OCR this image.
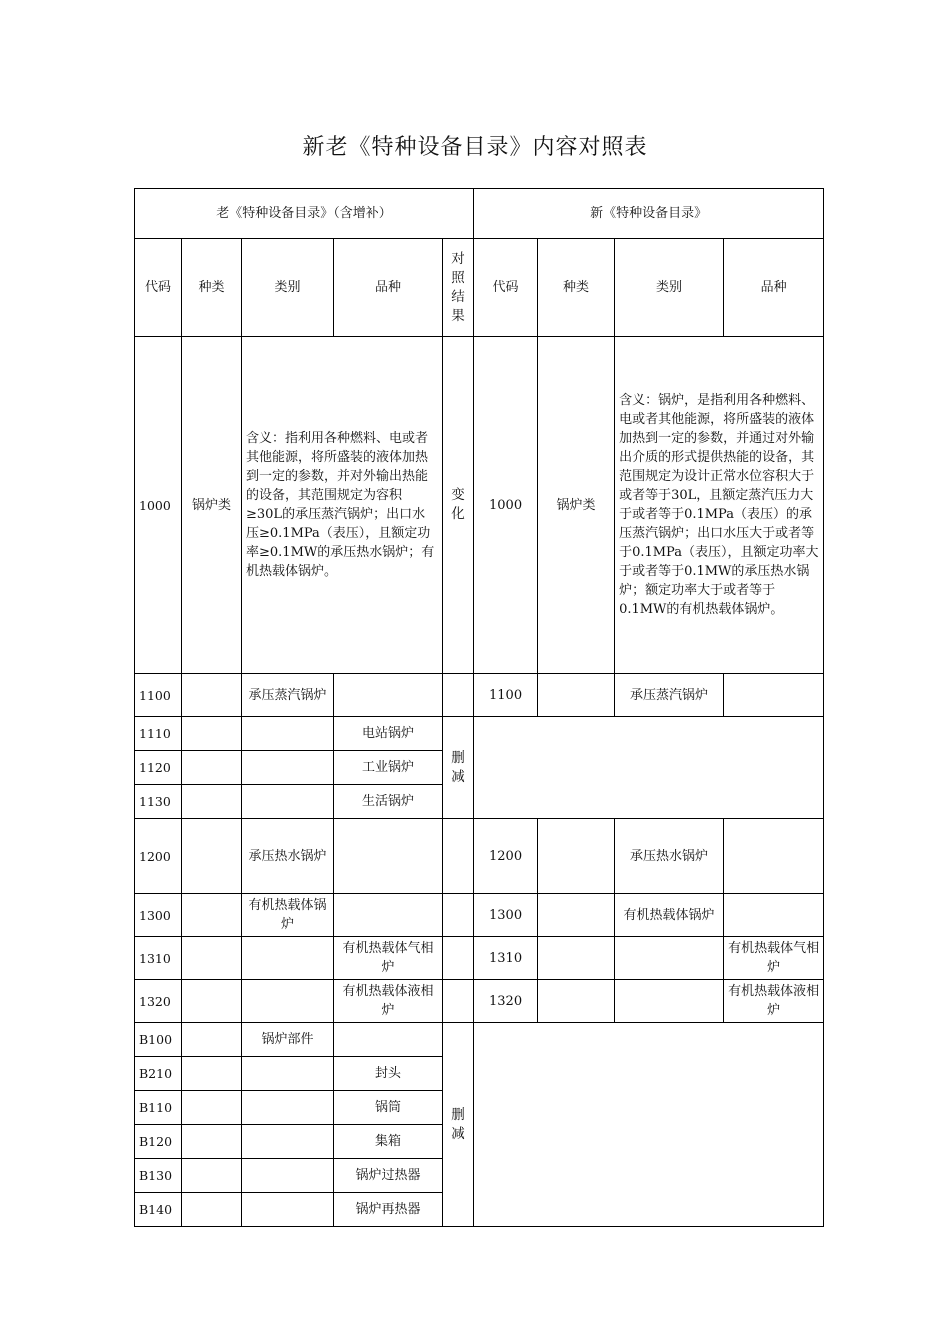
新老《特种设备目录》内容对照表
老《特种设备目录》（含增补）					新《特种设备目录》			
代码	种类	类别	品种	对照结果	代码	种类	类别	品种
1000	锅炉类	含义：指利用各种燃料、电或者其他能源，将所盛装的液体加热到一定的参数，并对外输出热能的设备，其范围规定为容积≥30L的承压蒸汽锅炉；出口水压≥0.1MPa（表压），且额定功率≥0.1MW的承压热水锅炉；有机热载体锅炉。		变化	1000	锅炉类	含义：锅炉，是指利用各种燃料、电或者其他能源，将所盛装的液体加热到一定的参数，并通过对外输出介质的形式提供热能的设备，其范围规定为设计正常水位容积大于或者等于30L，且额定蒸汽压力大于或者等于0.1MPa（表压）的承压蒸汽锅炉；出口水压大于或者等于0.1MPa（表压），且额定功率大于或者等于0.1MW的承压热水锅炉；额定功率大于或者等于0.1MW的有机热载体锅炉。	
1100		承压蒸汽锅炉			1100		承压蒸汽锅炉	
1110			电站锅炉	删减				
1120			工业锅炉					
1130			生活锅炉					
1200		承压热水锅炉			1200		承压热水锅炉	
1300		有机热载体锅炉			1300		有机热载体锅炉	
1310			有机热载体气相炉		1310			有机热载体气相炉
1320			有机热载体液相炉		1320			有机热载体液相炉
B100		锅炉部件		删减				
B210			封头					
B110			锅筒					
B120			集箱					
B130			锅炉过热器					
B140			锅炉再热器					
